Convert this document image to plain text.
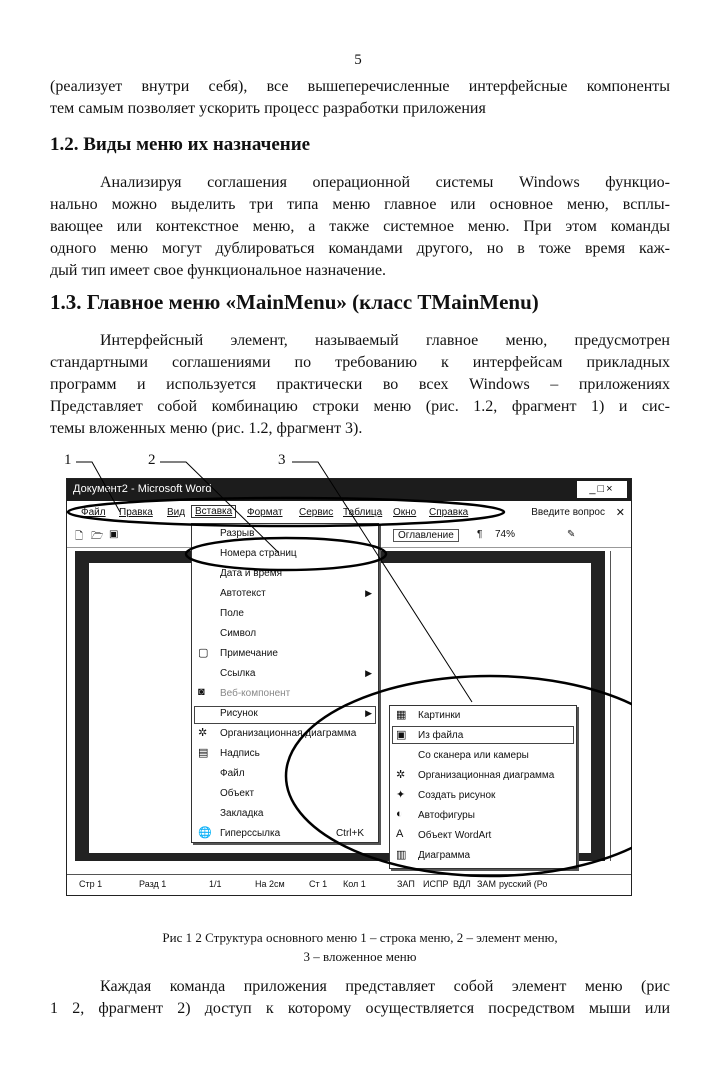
5
(реализует внутри себя), все вышеперечисленные интерфейсные компоненты
тем самым позволяет ускорить процесс разработки приложения
1.2. Виды меню их назначение
Анализируя соглашения операционной системы Windows функцио-
нально можно выделить три типа меню главное или основное меню, всплы-
вающее или контекстное меню, а также системное меню. При этом команды
одного меню могут дублироваться командами другого, но в тоже время каж-
дый тип имеет свое функциональное назначение.
1.3. Главное меню «MainMenu» (класс TMainMenu)
Интерфейсный элемент, называемый главное меню, предусмотрен
стандартными соглашениями по требованию к интерфейсам прикладных
программ и используется практически во всех Windows – приложениях
Представляет собой комбинацию строки меню (рис. 1.2, фрагмент 1) и сис-
темы вложенных меню (рис. 1.2, фрагмент 3).
1	2	3
Документ2 - Microsoft Word	_□×
Файл Правка Вид Вставка	Формат Сервис Таблица Окно Справка	Введите вопрос ✕
🗋 🗁 ▣	Оглавление	¶ 74%	✎
Стр 1	Разд 1	1/1	На 2см	Ст 1 Кол 1	ЗАП ИСПР ВДЛ ЗАМ русский (Ро
Разрыв
Номера страниц
Дата и время
Автотекст	▶
Поле
Символ
▢ Примечание
Ссылка	▶
◙ Веб-компонент
Рисунок	▶
✲ Организационная диаграмма
▤ Надпись
Файл
Объект
Закладка
🌐 Гиперссылка	Ctrl+K
▦ Картинки
▣ Из файла
Со сканера или камеры
✲ Организационная диаграмма
✦ Создать рисунок
◐ Автофигуры
A Объект WordArt
▥ Диаграмма
Рис 1 2 Структура основного меню 1 – строка меню, 2 – элемент меню,
3 – вложенное меню
Каждая команда приложения представляет собой элемент меню (рис
1 2, фрагмент 2) доступ к которому осуществляется посредством мыши или
